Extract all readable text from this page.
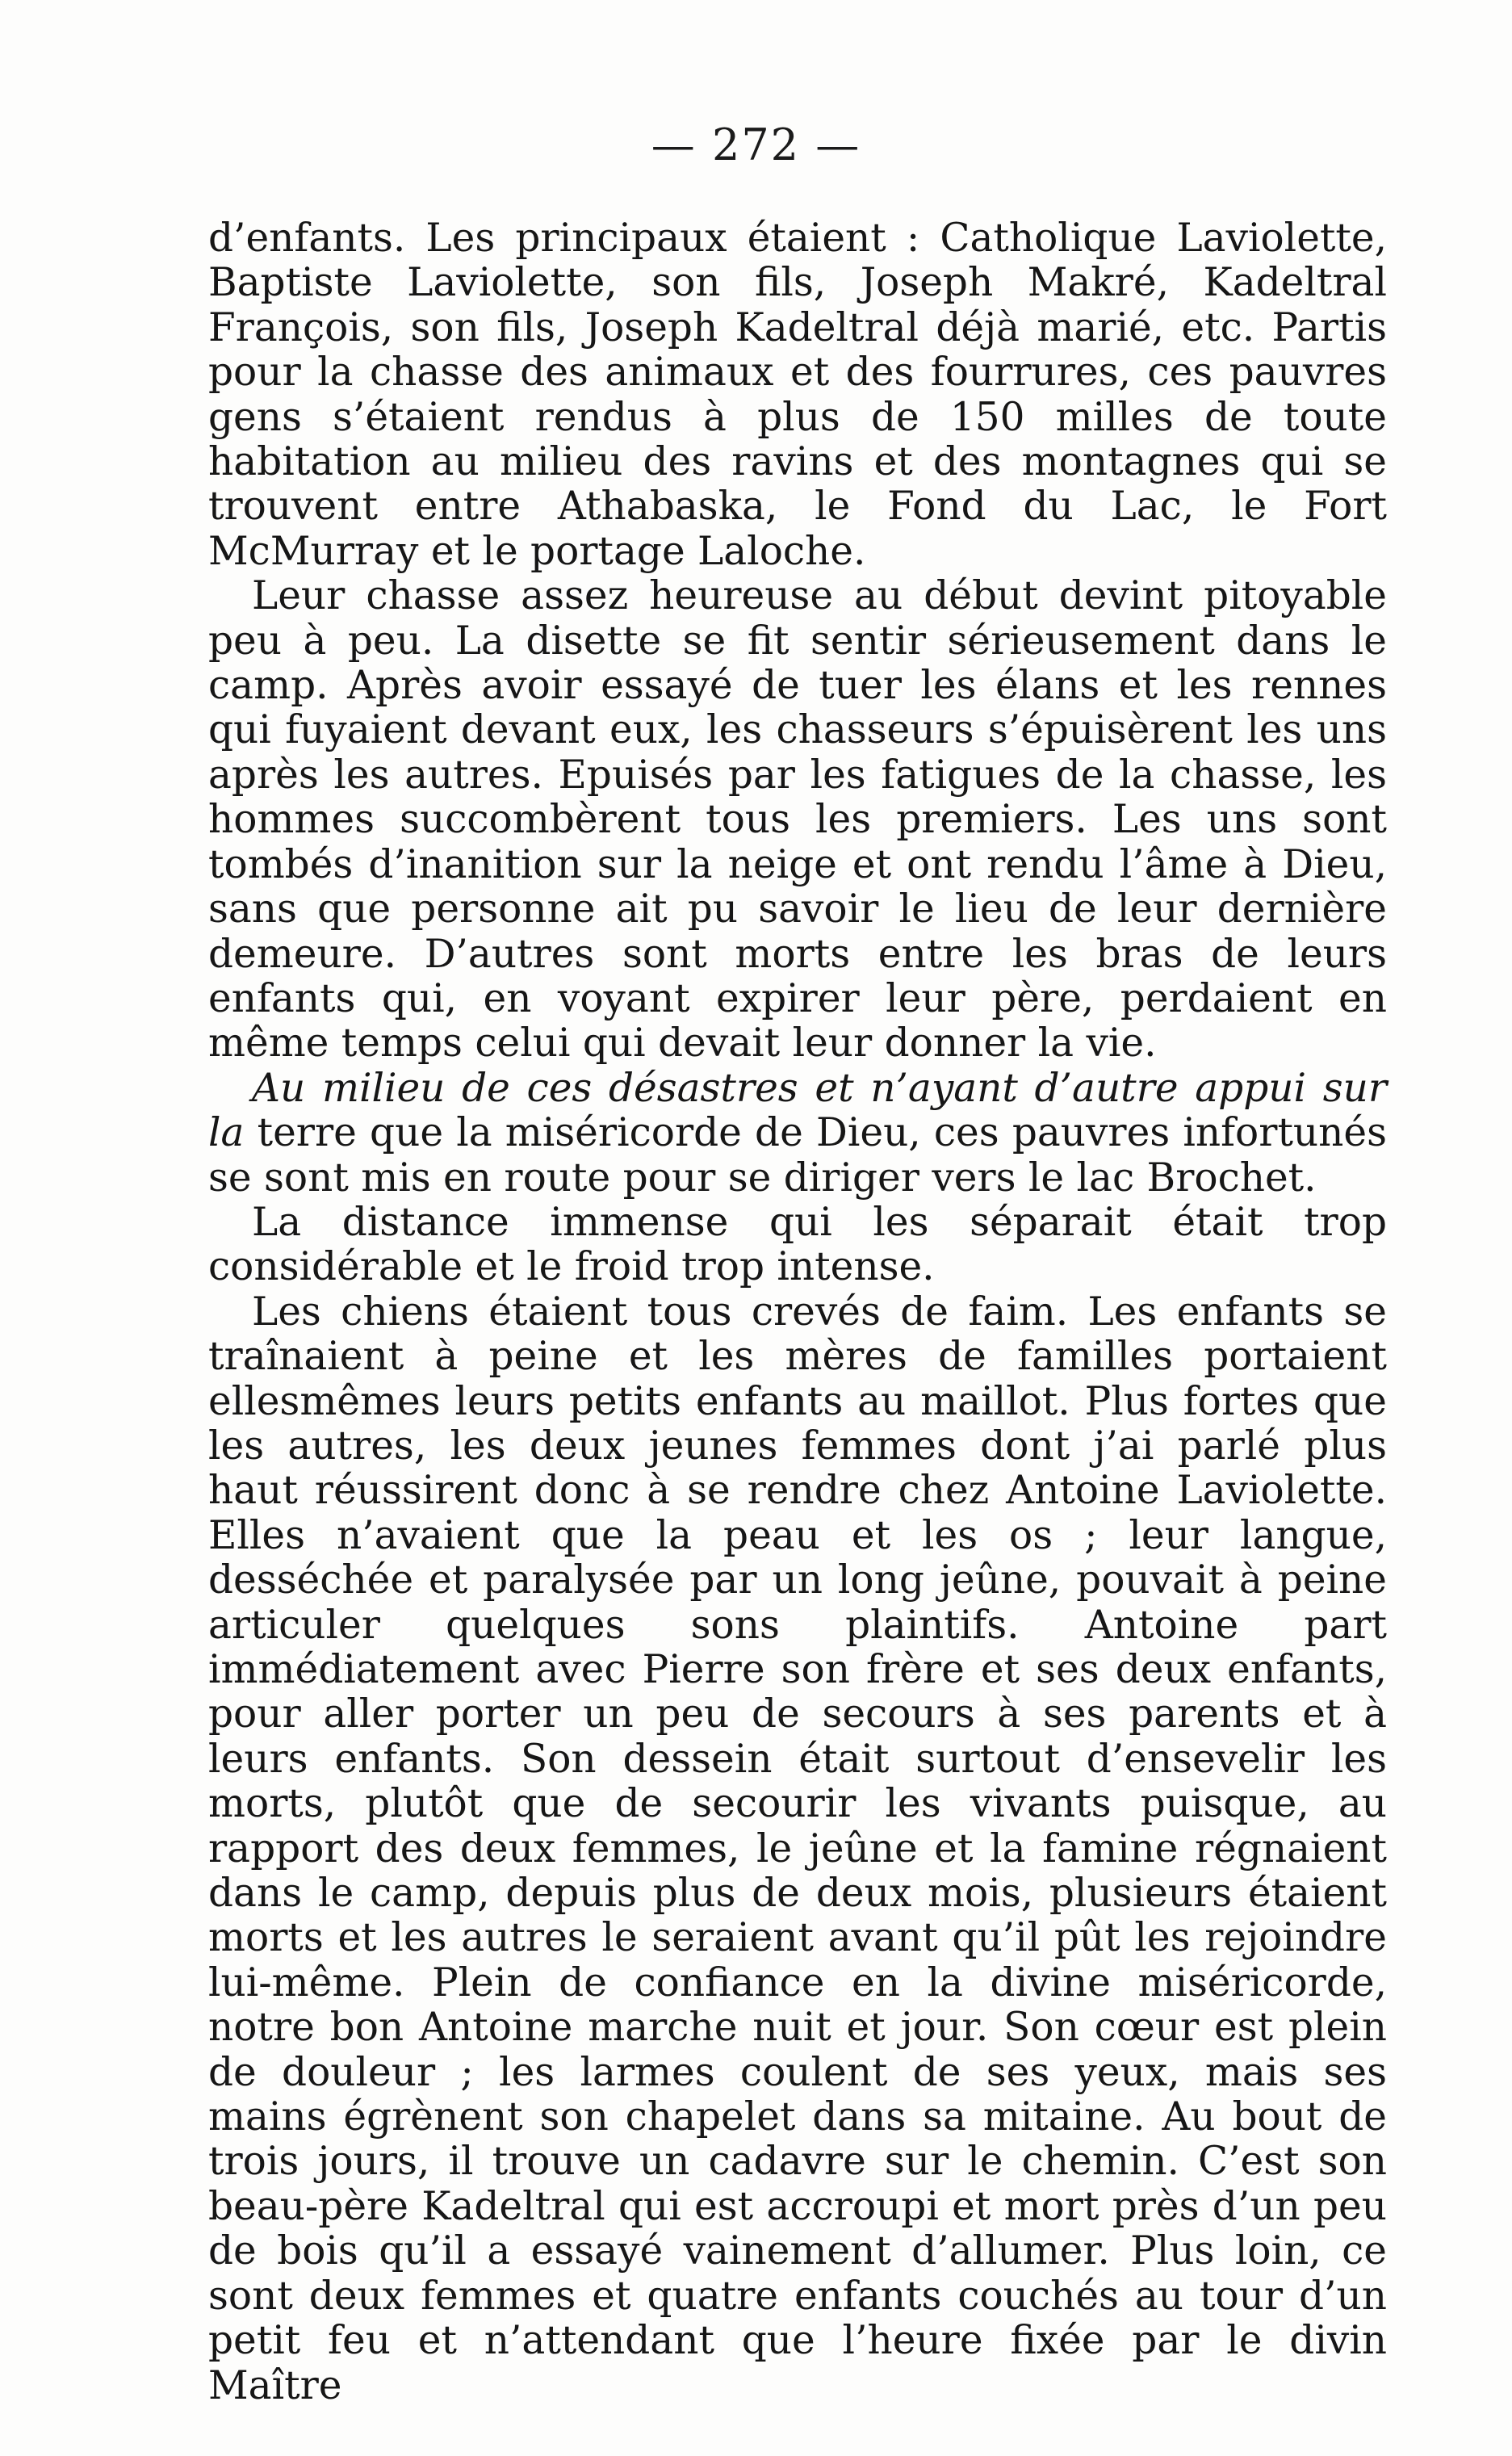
— 272 —

d’enfants. Les principaux étaient : Catholique Laviolette, Baptiste Laviolette, son fils, Joseph Makré, Kadeltral François, son fils, Joseph Kadeltral déjà marié, etc. Partis pour la chasse des animaux et des fourrures, ces pauvres gens s’étaient rendus à plus de 150 milles de toute habitation au milieu des ravins et des montagnes qui se trouvent entre Athabaska, le Fond du Lac, le Fort McMurray et le portage Laloche.

Leur chasse assez heureuse au début devint pitoyable peu à peu. La disette se fit sentir sérieusement dans le camp. Après avoir essayé de tuer les élans et les rennes qui fuyaient devant eux, les chasseurs s’épuisèrent les uns après les autres. Epuisés par les fatigues de la chasse, les hommes succombèrent tous les premiers. Les uns sont tombés d’inanition sur la neige et ont rendu l’âme à Dieu, sans que personne ait pu savoir le lieu de leur dernière demeure. D’autres sont morts entre les bras de leurs enfants qui, en voyant expirer leur père, perdaient en même temps celui qui devait leur donner la vie.

Au milieu de ces désastres et n’ayant d’autre appui sur la terre que la miséricorde de Dieu, ces pauvres infortunés se sont mis en route pour se diriger vers le lac Brochet.

La distance immense qui les séparait était trop considérable et le froid trop intense.

Les chiens étaient tous crevés de faim. Les enfants se traînaient à peine et les mères de familles portaient ellesmêmes leurs petits enfants au maillot. Plus fortes que les autres, les deux jeunes femmes dont j’ai parlé plus haut réussirent donc à se rendre chez Antoine Laviolette. Elles n’avaient que la peau et les os ; leur langue, desséchée et paralysée par un long jeûne, pouvait à peine articuler quelques sons plaintifs. Antoine part immédiatement avec Pierre son frère et ses deux enfants, pour aller porter un peu de secours à ses parents et à leurs enfants. Son dessein était surtout d’ensevelir les morts, plutôt que de secourir les vivants puisque, au rapport des deux femmes, le jeûne et la famine régnaient dans le camp, depuis plus de deux mois, plusieurs étaient morts et les autres le seraient avant qu’il pût les rejoindre lui-même. Plein de confiance en la divine miséricorde, notre bon Antoine marche nuit et jour. Son cœur est plein de douleur ; les larmes coulent de ses yeux, mais ses mains égrènent son chapelet dans sa mitaine. Au bout de trois jours, il trouve un cadavre sur le chemin. C’est son beau-père Kadeltral qui est accroupi et mort près d’un peu de bois qu’il a essayé vainement d’allumer. Plus loin, ce sont deux femmes et quatre enfants couchés au tour d’un petit feu et n’attendant que l’heure fixée par le divin Maître
